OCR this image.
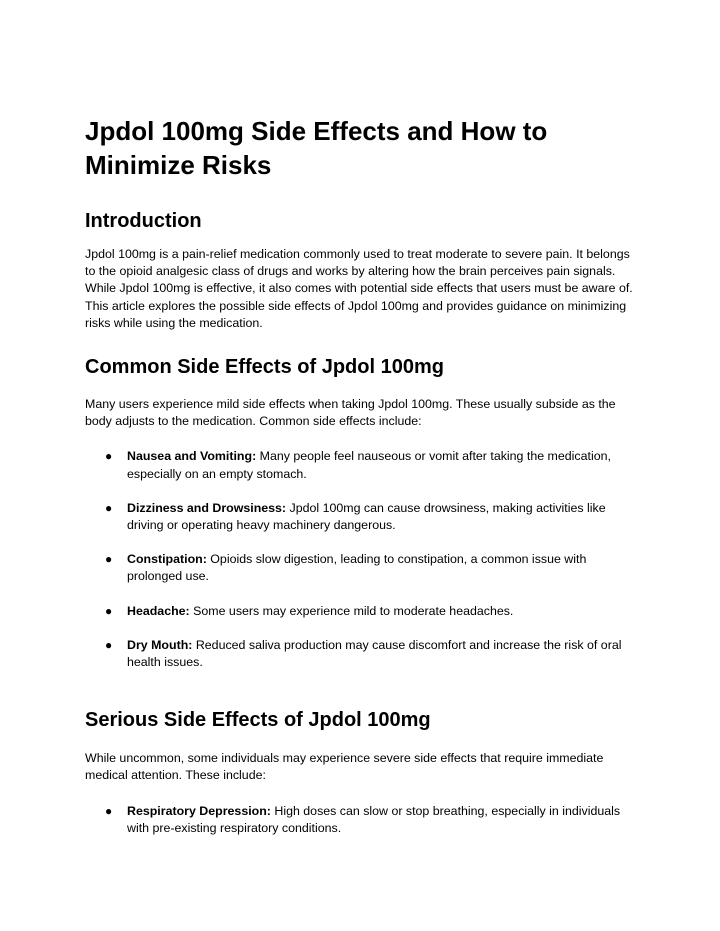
Jpdol 100mg Side Effects and How to Minimize Risks
Introduction

Jpdol 100mg is a pain-relief medication commonly used to treat moderate to severe pain. It belongs to the opioid analgesic class of drugs and works by altering how the brain perceives pain signals. While Jpdol 100mg is effective, it also comes with potential side effects that users must be aware of. This article explores the possible side effects of Jpdol 100mg and provides guidance on minimizing risks while using the medication.

Common Side Effects of Jpdol 100mg

Many users experience mild side effects when taking Jpdol 100mg. These usually subside as the body adjusts to the medication. Common side effects include:

● Nausea and Vomiting: Many people feel nauseous or vomit after taking the medication, especially on an empty stomach.
● Dizziness and Drowsiness: Jpdol 100mg can cause drowsiness, making activities like driving or operating heavy machinery dangerous.
● Constipation: Opioids slow digestion, leading to constipation, a common issue with prolonged use.
● Headache: Some users may experience mild to moderate headaches.
● Dry Mouth: Reduced saliva production may cause discomfort and increase the risk of oral health issues.
Serious Side Effects of Jpdol 100mg

While uncommon, some individuals may experience severe side effects that require immediate medical attention. These include:

● Respiratory Depression: High doses can slow or stop breathing, especially in individuals with pre-existing respiratory conditions.
